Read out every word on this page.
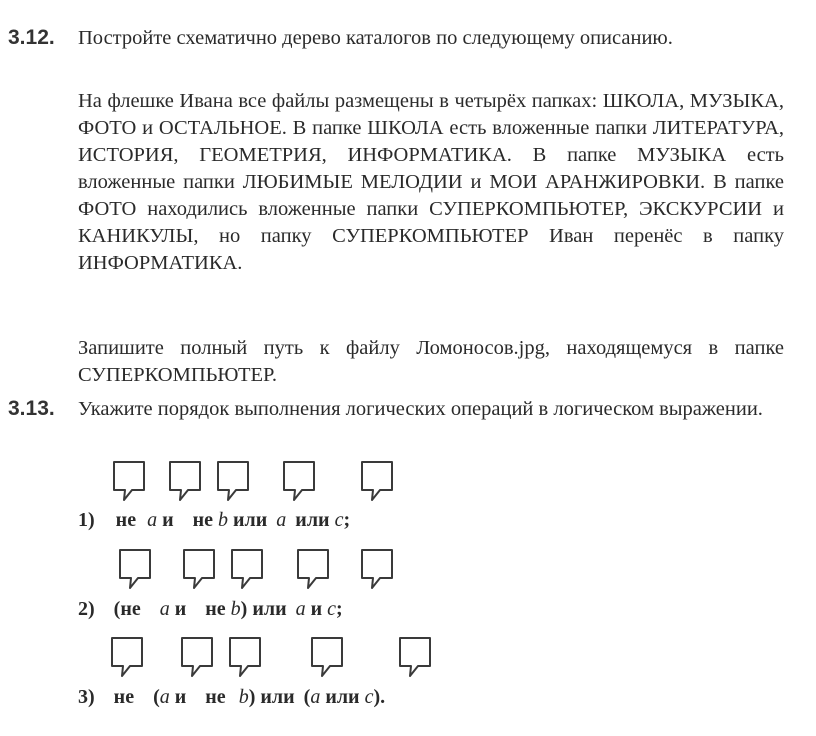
3.12. Постройте схематично дерево каталогов по следующему описанию.

На флешке Ивана все файлы размещены в четырёх папках: ШКОЛА, МУЗЫКА, ФОТО и ОСТАЛЬНОЕ. В папке ШКОЛА есть вложенные папки ЛИТЕРАТУРА, ИСТОРИЯ, ГЕОМЕТРИЯ, ИНФОРМАТИКА. В папке МУЗЫКА есть вложенные папки ЛЮБИМЫЕ МЕЛОДИИ и МОИ АРАНЖИРОВКИ. В папке ФОТО находились вложенные папки СУПЕРКОМПЬЮТЕР, ЭКСКУРСИИ и КАНИКУЛЫ, но папку СУПЕРКОМПЬЮТЕР Иван перенёс в папку ИНФОРМАТИКА.

Запишите полный путь к файлу Ломоносов.jpg, находящемуся в папке СУПЕРКОМПЬЮТЕР.

3.13. Укажите порядок выполнения логических операций в логическом выражении.

1) не a и не b или a или c;
2) (не a и не b) или a и c;
3) не (a и не b) или (a или c).
